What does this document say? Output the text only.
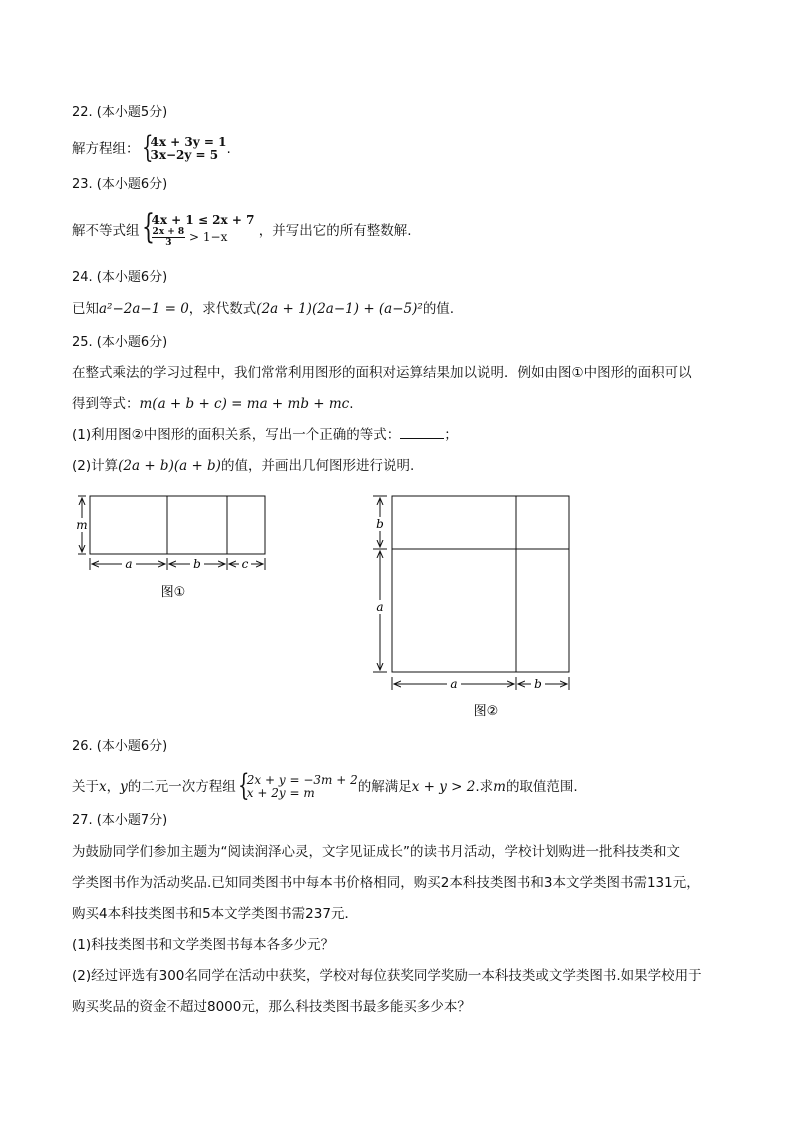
22. (本小题5分)
解方程组： {
4x + 3y = 1
3x−2y = 5 .
23. (本小题6分)
解不等式组 {
4x + 1 ≤ 2x + 7
$\frac{2x + 8}{3} > 1-x$	，并写出它的所有整数解.
24. (本小题6分)
已知a²−2a−1 = 0，求代数式(2a + 1)(2a−1) + (a−5)²的值.
25. (本小题6分)
在整式乘法的学习过程中，我们常常利用图形的面积对运算结果加以说明．例如由图①中图形的面积可以
得到等式：m(a + b + c) = ma + mb + mc.
(1)利用图②中图形的面积关系，写出一个正确的等式：	；
(2)计算(2a + b)(a + b)的值，并画出几何图形进行说明.
m
a	b	c
图①
b
a
a	b
图②
26. (本小题6分)
关于x，y的二元一次方程组 {
2x + y = −3m + 2
x + 2y = m	的解满足x + y > 2.求m的取值范围.
27. (本小题7分)
为鼓励同学们参加主题为“阅读润泽心灵，文字见证成长”的读书月活动，学校计划购进一批科技类和文
学类图书作为活动奖品.已知同类图书中每本书价格相同，购买2本科技类图书和3本文学类图书需131元，
购买4本科技类图书和5本文学类图书需237元．
(1)科技类图书和文学类图书每本各多少元？
(2)经过评选有300名同学在活动中获奖，学校对每位获奖同学奖励一本科技类或文学类图书.如果学校用于
购买奖品的资金不超过8000元，那么科技类图书最多能买多少本？
